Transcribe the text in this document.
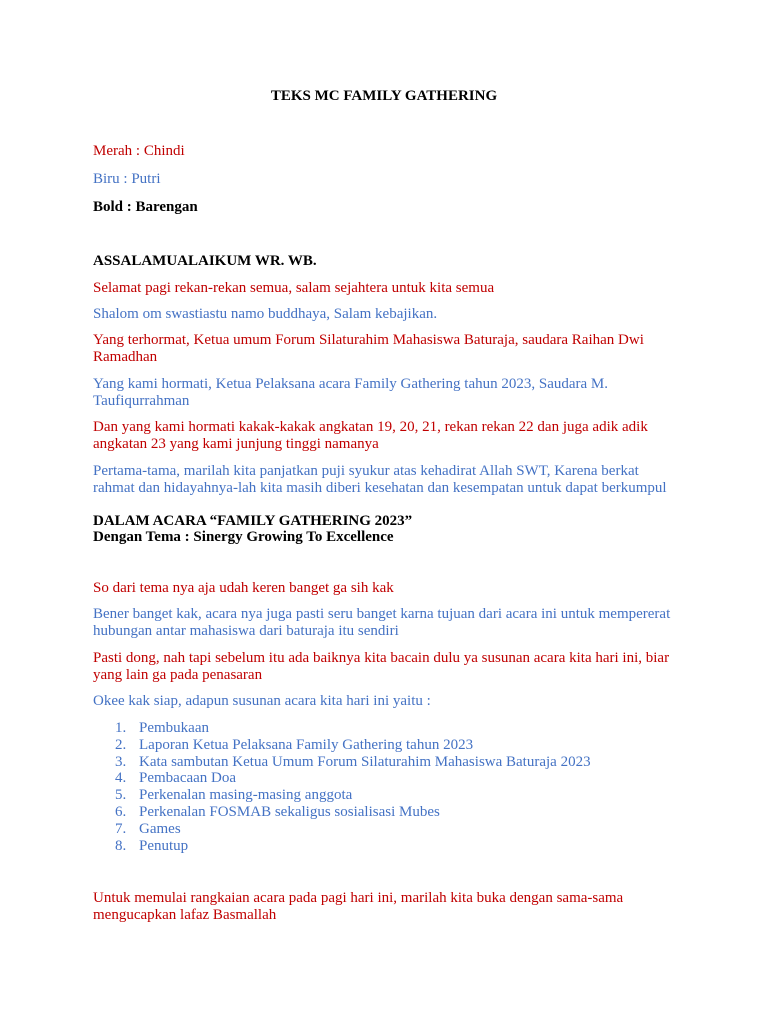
TEKS MC FAMILY GATHERING

Merah : Chindi

Biru : Putri

Bold : Barengan

ASSALAMUALAIKUM WR. WB.

Selamat pagi rekan-rekan semua, salam sejahtera untuk kita semua

Shalom om swastiastu namo buddhaya, Salam kebajikan.

Yang terhormat, Ketua umum Forum Silaturahim Mahasiswa Baturaja, saudara Raihan Dwi Ramadhan

Yang kami hormati, Ketua Pelaksana acara Family Gathering tahun 2023, Saudara M. Taufiqurrahman

Dan yang kami hormati kakak-kakak angkatan 19, 20, 21, rekan rekan 22 dan juga adik adik angkatan 23 yang kami junjung tinggi namanya

Pertama-tama, marilah kita panjatkan puji syukur atas kehadirat Allah SWT, Karena berkat rahmat dan hidayahnya-lah kita masih diberi kesehatan dan kesempatan untuk dapat berkumpul

DALAM ACARA “FAMILY GATHERING 2023”

Dengan Tema : Sinergy Growing To Excellence

So dari tema nya aja udah keren banget ga sih kak

Bener banget kak, acara nya juga pasti seru banget karna tujuan dari acara ini untuk mempererat hubungan antar mahasiswa dari baturaja itu sendiri

Pasti dong, nah tapi sebelum itu ada baiknya kita bacain dulu ya susunan acara kita hari ini, biar yang lain ga pada penasaran

Okee kak siap, adapun susunan acara kita hari ini yaitu :

1. Pembukaan
2. Laporan Ketua Pelaksana Family Gathering tahun 2023
3. Kata sambutan Ketua Umum Forum Silaturahim Mahasiswa Baturaja 2023
4. Pembacaan Doa
5. Perkenalan masing-masing anggota
6. Perkenalan FOSMAB sekaligus sosialisasi Mubes
7. Games
8. Penutup

Untuk memulai rangkaian acara pada pagi hari ini, marilah kita buka dengan sama-sama mengucapkan lafaz Basmallah
